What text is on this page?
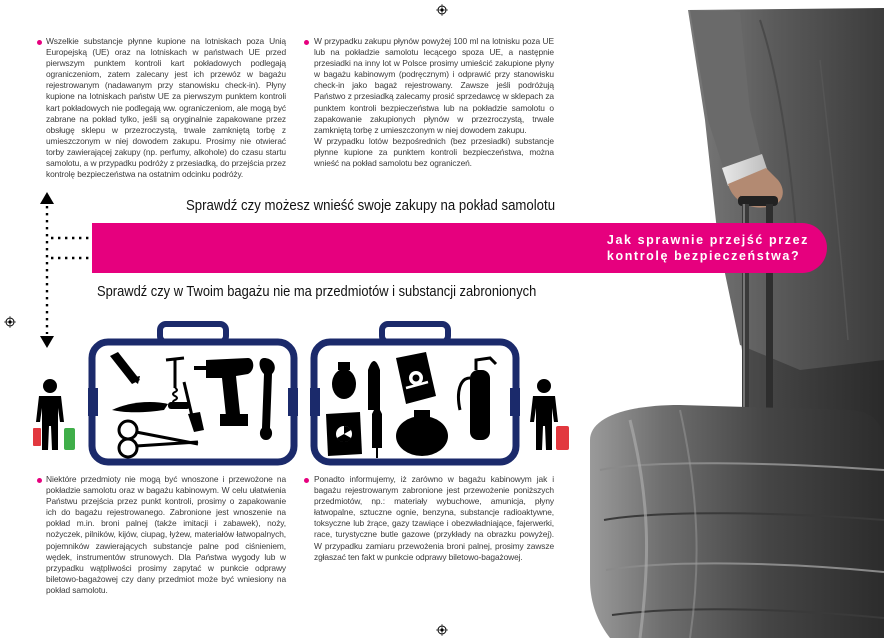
Wszelkie substancje płynne kupione na lotniskach poza Unią Europejską (UE) oraz na lotniskach w państwach UE przed pierwszym punktem kontroli kart pokładowych podlegają ograniczeniom, zatem zalecany jest ich przewóz w bagażu rejestrowanym (nadawanym przy stanowisku check-in). Płyny kupione na lotniskach państw UE za pierwszym punktem kontroli kart pokładowych nie podlegają ww. ograniczeniom, ale mogą być zabrane na pokład tylko, jeśli są oryginalnie zapakowane przez obsługę sklepu w przezroczystą, trwale zamkniętą torbę z umieszczonym w niej dowodem zakupu. Prosimy nie otwierać torby zawierającej zakupy (np. perfumy, alkohole) do czasu startu samolotu, a w przypadku podróży z przesiadką, do przejścia przez kontrolę bezpieczeństwa na ostatnim odcinku podróży.
W przypadku zakupu płynów powyżej 100 ml na lotnisku poza UE lub na pokładzie samolotu lecącego spoza UE, a następnie przesiadki na inny lot w Polsce prosimy umieścić zakupione płyny w bagażu kabinowym (podręcznym) i odprawić przy stanowisku check-in jako bagaż rejestrowany. Zawsze jeśli podróżują Państwo z przesiadką zalecamy prosić sprzedawcę w sklepach za punktem kontroli bezpieczeństwa lub na pokładzie samolotu o zapakowanie zakupionych płynów w przezroczystą, trwale zamkniętą torbę z umieszczonym w niej dowodem zakupu.
W przypadku lotów bezpośrednich (bez przesiadki) substancje płynne kupione za punktem kontroli bezpieczeństwa, można wnieść na pokład samolotu bez ograniczeń.
Sprawdź czy możesz wnieść swoje zakupy na pokład samolotu
Jak sprawnie przejść przez
kontrolę bezpieczeństwa?
Sprawdź czy w Twoim bagażu nie ma przedmiotów i substancji zabronionych
Niektóre przedmioty nie mogą być wnoszone i przewożone na pokładzie samolotu oraz w bagażu kabinowym. W celu ułatwienia Państwu przejścia przez punkt kontroli, prosimy o zapakowanie ich do bagażu rejestrowanego. Zabronione jest wnoszenie na pokład m.in. broni palnej (także imitacji i zabawek), noży, nożyczek, pilników, kijów, ciupag, łyżew, materiałów łatwopalnych, pojemników zawierających substancje palne pod ciśnieniem, wędek, instrumentów strunowych. Dla Państwa wygody lub w przypadku wątpliwości prosimy zapytać w punkcie odprawy biletowo-bagażowej czy dany przedmiot może być wniesiony na pokład samolotu.
Ponadto informujemy, iż zarówno w bagażu kabinowym jak i bagażu rejestrowanym zabronione jest przewożenie poniższych przedmiotów, np.: materiały wybuchowe, amunicja, płyny łatwopalne, sztuczne ognie, benzyna, substancje radioaktywne, toksyczne lub żrące, gazy tzawiące i obezwładniające, fajerwerki, race, turystyczne butle gazowe (przykłady na obrazku powyżej). W przypadku zamiaru przewożenia broni palnej, prosimy zawsze zgłaszać ten fakt w punkcie odprawy biletowo-bagażowej.
